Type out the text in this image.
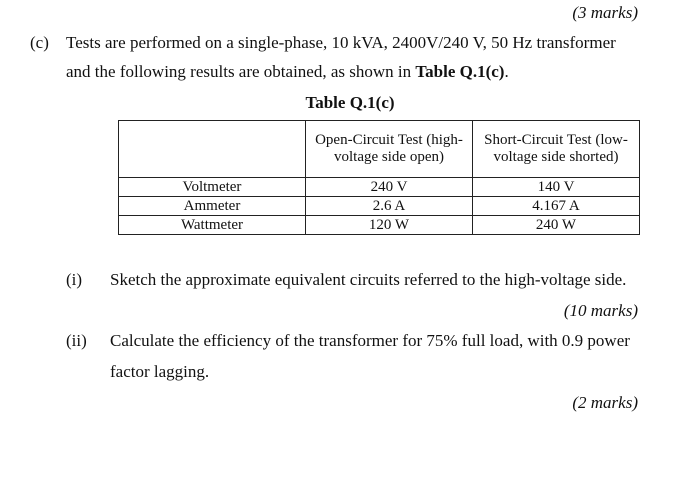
(3 marks)
(c) Tests are performed on a single-phase, 10 kVA, 2400V/240 V, 50 Hz transformer
and the following results are obtained, as shown in Table Q.1(c).
Table Q.1(c)
	Open-Circuit Test (high-voltage side open)	Short-Circuit Test (low-voltage side shorted)
Voltmeter	240 V	140 V
Ammeter	2.6 A	4.167 A
Wattmeter	120 W	240 W
(i) Sketch the approximate equivalent circuits referred to the high-voltage side.
(10 marks)
(ii) Calculate the efficiency of the transformer for 75% full load, with 0.9 power
factor lagging.
(2 marks)
